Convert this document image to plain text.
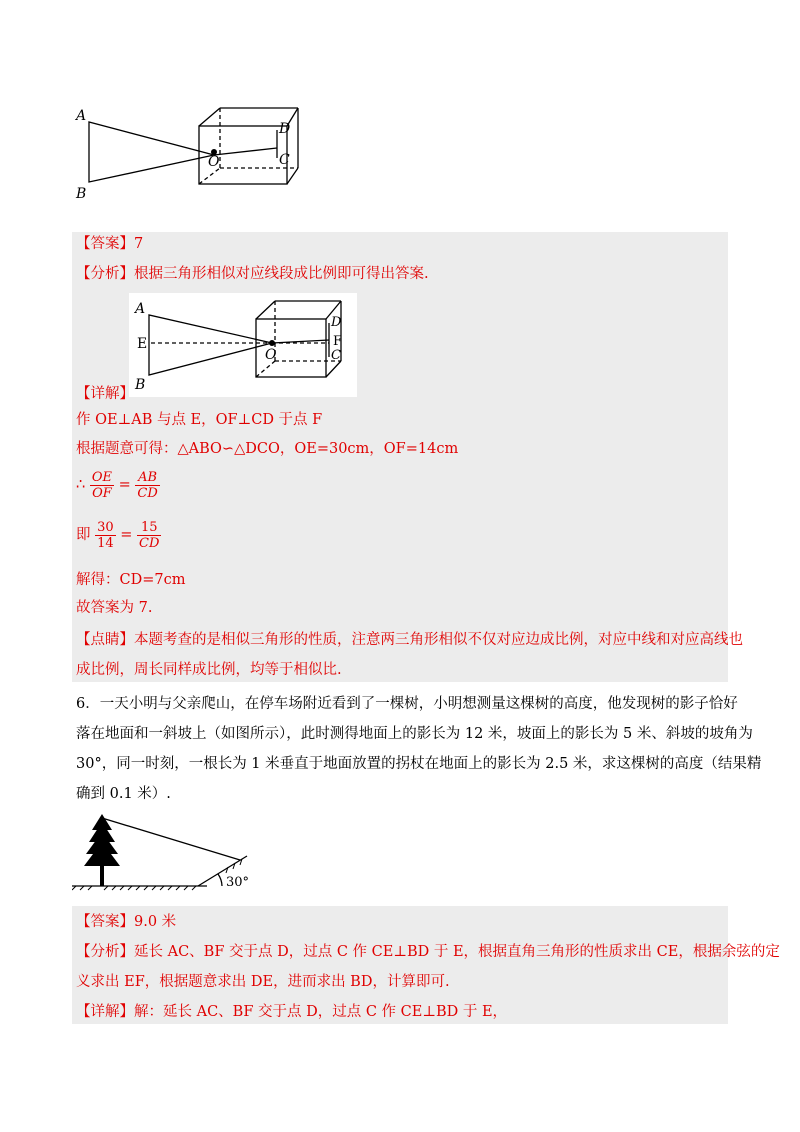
A
B
O
D
C
【答案】7
【分析】根据三角形相似对应线段成比例即可得出答案.
A
B
E
O
D
F
C
【详解】
作 OE⊥AB 与点 E，OF⊥CD 于点 F
根据题意可得：△ABO∽△DCO，OE=30cm，OF=14cm
∴ $\frac{OE}{OF} = \frac{AB}{CD}$
即 $\frac{30}{14} = \frac{15}{CD}$
解得：CD=7cm
故答案为 7.
【点睛】本题考查的是相似三角形的性质，注意两三角形相似不仅对应边成比例，对应中线和对应高线也
成比例，周长同样成比例，均等于相似比.
6．一天小明与父亲爬山，在停车场附近看到了一棵树，小明想测量这棵树的高度，他发现树的影子恰好
落在地面和一斜坡上（如图所示），此时测得地面上的影长为 12 米，坡面上的影长为 5 米、斜坡的坡角为
30°，同一时刻，一根长为 1 米垂直于地面放置的拐杖在地面上的影长为 2.5 米，求这棵树的高度（结果精
确到 0.1 米）.
30°
【答案】9.0 米
【分析】延长 AC、BF 交于点 D，过点 C 作 CE⊥BD 于 E，根据直角三角形的性质求出 CE，根据余弦的定
义求出 EF，根据题意求出 DE，进而求出 BD，计算即可.
【详解】解：延长 AC、BF 交于点 D，过点 C 作 CE⊥BD 于 E，
